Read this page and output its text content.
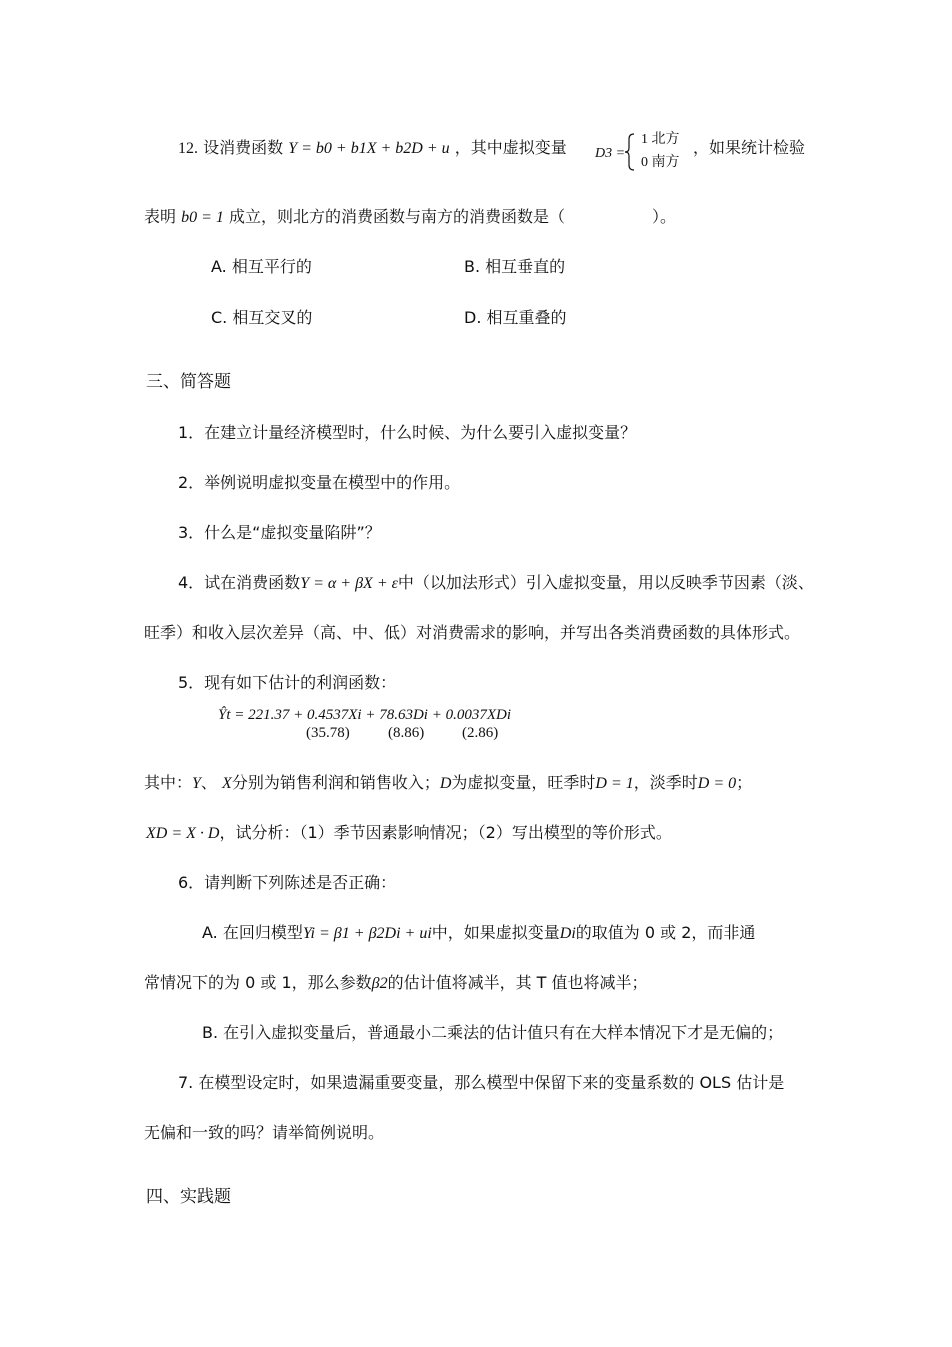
12. 设消费函数 Y = b0 + b1X + b2D + u ，其中虚拟变量 D3 =
1 北方
0 南方
，如果统计检验
表明 b0 = 1 成立，则北方的消费函数与南方的消费函数是（	）。
A. 相互平行的	B. 相互垂直的
C. 相互交叉的	D. 相互重叠的
三、简答题
1．在建立计量经济模型时，什么时候、为什么要引入虚拟变量？
2．举例说明虚拟变量在模型中的作用。
3．什么是“虚拟变量陷阱”？
4．试在消费函数Y = α + βX + ε中（以加法形式）引入虚拟变量，用以反映季节因素（淡、
旺季）和收入层次差异（高、中、低）对消费需求的影响，并写出各类消费函数的具体形式。
5．现有如下估计的利润函数：
Ŷt = 221.37 + 0.4537Xi + 78.63Di + 0.0037XDi
(35.78)	(8.86)	(2.86)
其中：Y、 X分别为销售利润和销售收入；D为虚拟变量，旺季时D = 1，淡季时D = 0；
XD = X · D，试分析：（1）季节因素影响情况；（2）写出模型的等价形式。
6．请判断下列陈述是否正确：
A. 在回归模型Yi = β1 + β2Di + ui中，如果虚拟变量Di的取值为 0 或 2，而非通
常情况下的为 0 或 1，那么参数β2的估计值将减半，其 T 值也将减半；
B. 在引入虚拟变量后，普通最小二乘法的估计值只有在大样本情况下才是无偏的；
7. 在模型设定时，如果遗漏重要变量，那么模型中保留下来的变量系数的 OLS 估计是
无偏和一致的吗？请举简例说明。
四、实践题
